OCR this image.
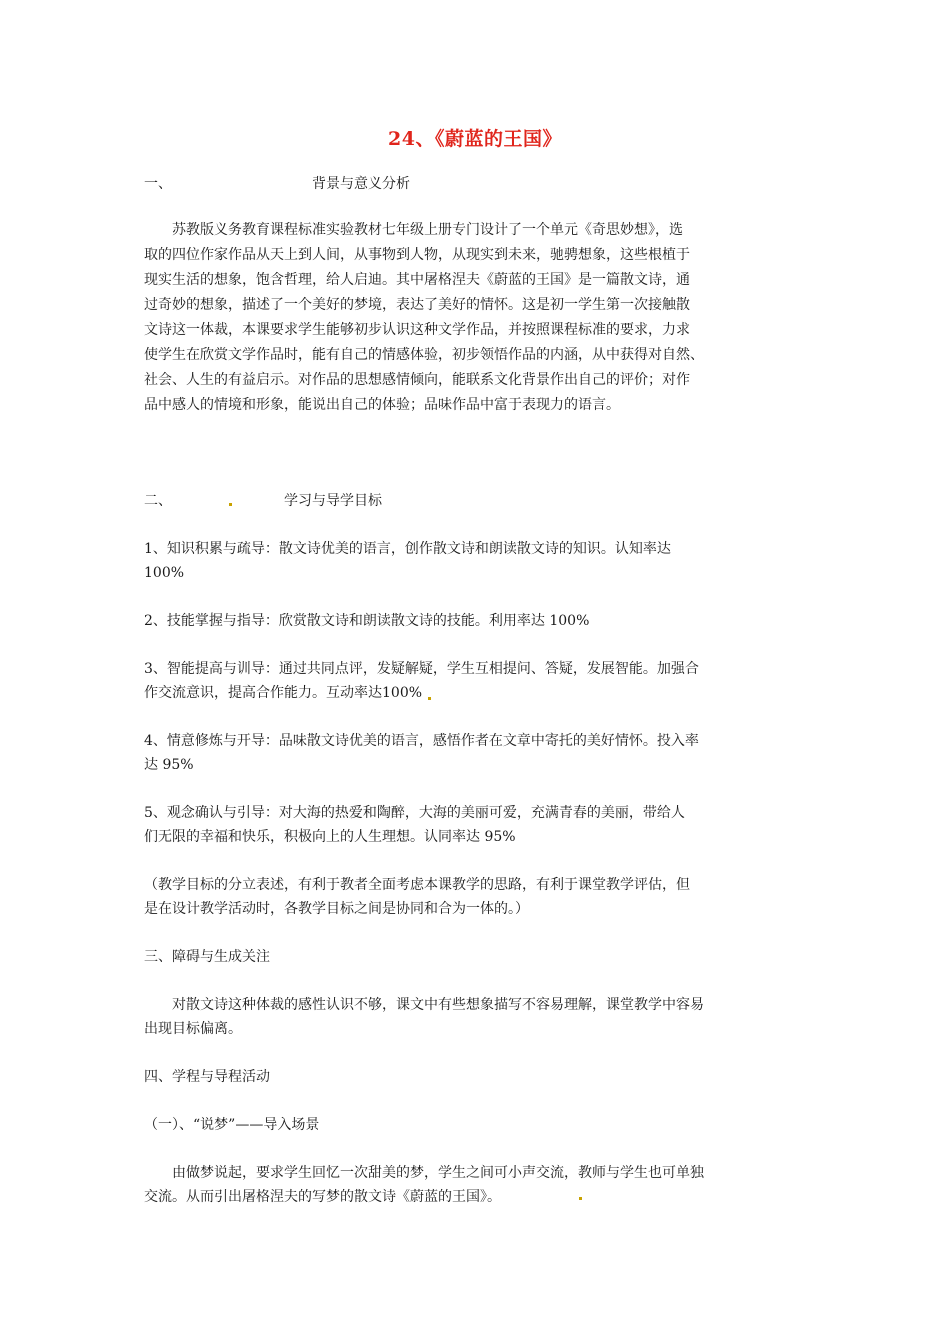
24、《蔚蓝的王国》
一、	背景与意义分析
苏教版义务教育课程标准实验教材七年级上册专门设计了一个单元《奇思妙想》，选
取的四位作家作品从天上到人间，从事物到人物，从现实到未来，驰骋想象，这些根植于
现实生活的想象，饱含哲理，给人启迪。其中屠格涅夫《蔚蓝的王国》是一篇散文诗，通
过奇妙的想象，描述了一个美好的梦境，表达了美好的情怀。这是初一学生第一次接触散
文诗这一体裁，本课要求学生能够初步认识这种文学作品，并按照课程标准的要求，力求
使学生在欣赏文学作品时，能有自己的情感体验，初步领悟作品的内涵，从中获得对自然、
社会、人生的有益启示。对作品的思想感情倾向，能联系文化背景作出自己的评价；对作
品中感人的情境和形象，能说出自己的体验；品味作品中富于表现力的语言。
二、	学习与导学目标
1、知识积累与疏导：散文诗优美的语言，创作散文诗和朗读散文诗的知识。认知率达
100%
2、技能掌握与指导：欣赏散文诗和朗读散文诗的技能。利用率达 100%
3、智能提高与训导：通过共同点评，发疑解疑，学生互相提问、答疑，发展智能。加强合
作交流意识，提高合作能力。互动率达100%
4、情意修炼与开导：品味散文诗优美的语言，感悟作者在文章中寄托的美好情怀。投入率
达 95%
5、观念确认与引导：对大海的热爱和陶醉，大海的美丽可爱，充满青春的美丽，带给人
们无限的幸福和快乐，积极向上的人生理想。认同率达 95%
（教学目标的分立表述，有利于教者全面考虑本课教学的思路，有利于课堂教学评估，但
是在设计教学活动时，各教学目标之间是协同和合为一体的。）
三、障碍与生成关注
对散文诗这种体裁的感性认识不够，课文中有些想象描写不容易理解，课堂教学中容易
出现目标偏离。
四、学程与导程活动
（一）、“说梦”——导入场景
由做梦说起，要求学生回忆一次甜美的梦，学生之间可小声交流，教师与学生也可单独
交流。从而引出屠格涅夫的写梦的散文诗《蔚蓝的王国》。
